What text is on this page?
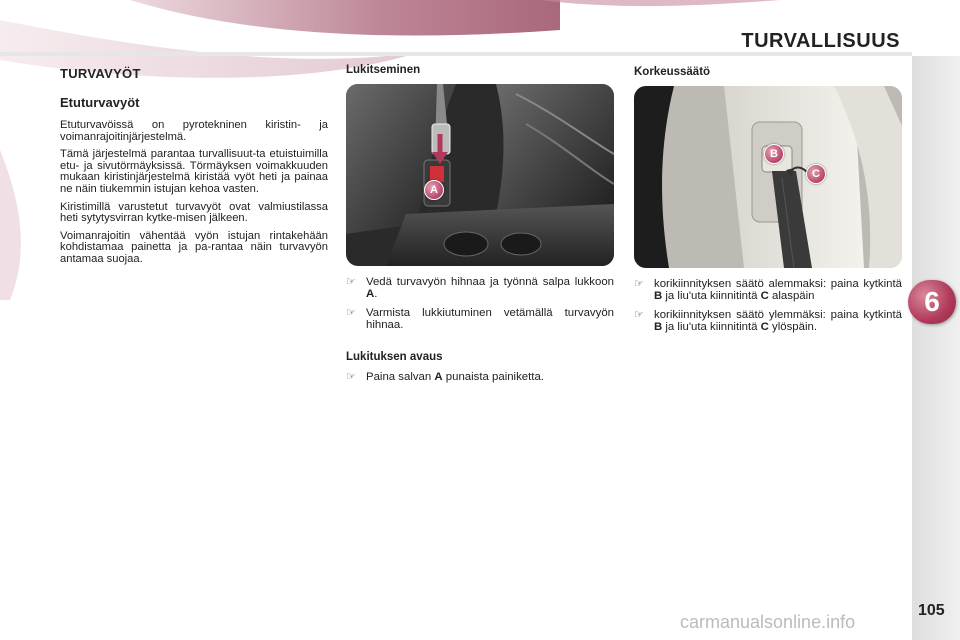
TURVALLISUUS
6
105
carmanualsonline.info
TURVAVYÖT
Etuturvavyöt

Etuturvavöissä on pyrotekninen kiristin- ja voimanrajoitinjärjestelmä.

Tämä järjestelmä parantaa turvallisuut-ta etuistuimilla etu- ja sivutörmäyksissä. Törmäyksen voimakkuuden mukaan kiristinjärjestelmä kiristää vyöt heti ja painaa ne näin tiukemmin istujan kehoa vasten.

Kiristimillä varustetut turvavyöt ovat valmiustilassa heti sytytysvirran kytke-misen jälkeen.

Voimanrajoitin vähentää vyön istujan rintakehään kohdistamaa painetta ja pa-rantaa näin turvavyön antamaa suojaa.

Lukitseminen
A
☞ Vedä turvavyön hihnaa ja työnnä salpa lukkoon A.
☞ Varmista lukkiutuminen vetämällä turvavyön hihnaa.
Lukituksen avaus
☞ Paina salvan A punaista painiketta.
Korkeussäätö
B
C
☞ korikiinnityksen säätö alemmaksi: paina kytkintä B ja liu'uta kiinnitintä C alaspäin
☞ korikiinnityksen säätö ylemmäksi: paina kytkintä B ja liu'uta kiinnitintä C ylöspäin.
